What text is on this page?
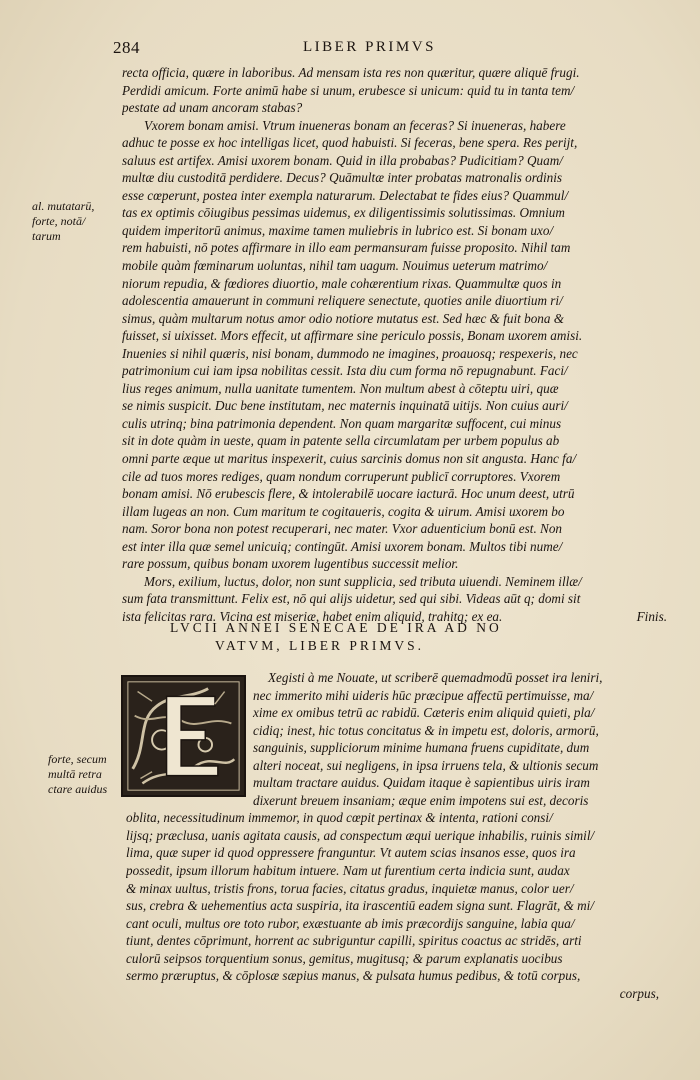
284	LIBER PRIMVS
al. mutatarū,
forte, notā/
tarum
recta officia, quære in laboribus. Ad mensam ista res non quæritur, quære aliquē frugi.
Perdidi amicum. Forte animū habe si unum, erubesce si unicum: quid tu in tanta tem/
pestate ad unam ancoram stabas?
Vxorem bonam amisi. Vtrum inueneras bonam an feceras? Si inueneras, habere
adhuc te posse ex hoc intelligas licet, quod habuisti. Si feceras, bene spera. Res perijt,
saluus est artifex. Amisi uxorem bonam. Quid in illa probabas? Pudicitiam? Quam/
multæ diu custoditā perdidere. Decus? Quāmultæ inter probatas matronalis ordinis
esse cœperunt, postea inter exempla naturarum. Delectabat te fides eius? Quammul/
tas ex optimis cōiugibus pessimas uidemus, ex diligentissimis solutissimas. Omnium
quidem imperitorū animus, maxime tamen muliebris in lubrico est. Si bonam uxo/
rem habuisti, nō potes affirmare in illo eam permansuram fuisse proposito. Nihil tam
mobile quàm fœminarum uoluntas, nihil tam uagum. Nouimus ueterum matrimo/
niorum repudia, & fœdiores diuortio, male cohærentium rixas. Quammultæ quos in
adolescentia amauerunt in communi reliquere senectute, quoties anile diuortium ri/
simus, quàm multarum notus amor odio notiore mutatus est. Sed hæc & fuit bona &
fuisset, si uixisset. Mors effecit, ut affirmare sine periculo possis, Bonam uxorem amisi.
Inuenies si nihil quæris, nisi bonam, dummodo ne imagines, proauosq; respexeris, nec
patrimonium cui iam ipsa nobilitas cessit. Ista diu cum forma nō repugnabunt. Faci/
lius reges animum, nulla uanitate tumentem. Non multum abest à cōteptu uiri, quæ
se nimis suspicit. Duc bene institutam, nec maternis inquinatā uitijs. Non cuius auri/
culis utrinq; bina patrimonia dependent. Non quam margaritæ suffocent, cui minus
sit in dote quàm in ueste, quam in patente sella circumlatam per urbem populus ab
omni parte æque ut maritus inspexerit, cuius sarcinis domus non sit angusta. Hanc fa/
cile ad tuos mores rediges, quam nondum corruperunt publicī corruptores. Vxorem
bonam amisi. Nō erubescis flere, & intolerabilē uocare iacturā. Hoc unum deest, utrū
illam lugeas an non. Cum maritum te cogitaueris, cogita & uirum. Amisi uxorem bo
nam. Soror bona non potest recuperari, nec mater. Vxor aduenticium bonū est. Non
est inter illa quæ semel unicuiq; contingūt. Amisi uxorem bonam. Multos tibi nume/
rare possum, quibus bonam uxorem lugentibus successit melior.
Mors, exilium, luctus, dolor, non sunt supplicia, sed tributa uiuendi. Neminem illæ/
sum fata transmittunt. Felix est, nō qui alijs uidetur, sed qui sibi. Videas aūt q; domi sit
ista felicitas rara. Vicina est miseriæ, habet enim aliquid, trahitq; ex ea.	Finis.
LVCII ANNEI SENECAE DE IRA AD NO
VATVM, LIBER PRIMVS.
forte, secum
multā retra
ctare auidus
Xegisti à me Nouate, ut scriberē quemadmodū posset ira leniri,
nec immerito mihi uideris hūc præcipue affectū pertimuisse, ma/
xime ex omibus tetrū ac rabidū. Cæteris enim aliquid quieti, pla/
cidiq; inest, hic totus concitatus & in impetu est, doloris, armorū,
sanguinis, suppliciorum minime humana fruens cupiditate, dum
alteri noceat, sui negligens, in ipsa irruens tela, & ultionis secum
multam tractare auidus. Quidam itaque è sapientibus uiris iram
dixerunt breuem insaniam; æque enim impotens sui est, decoris
oblita, necessitudinum immemor, in quod cœpit pertinax & intenta, rationi consi/
lijsq; præclusa, uanis agitata causis, ad conspectum æqui uerique inhabilis, ruinis simil/
lima, quæ super id quod oppressere franguntur. Vt autem scias insanos esse, quos ira
possedit, ipsum illorum habitum intuere. Nam ut furentium certa indicia sunt, audax
& minax uultus, tristis frons, torua facies, citatus gradus, inquietæ manus, color uer/
sus, crebra & uehementius acta suspiria, ita irascentiū eadem signa sunt. Flagrāt, & mi/
cant oculi, multus ore toto rubor, exæstuante ab imis præcordijs sanguine, labia qua/
tiunt, dentes cōprimunt, horrent ac subriguntur capilli, spiritus coactus ac stridēs, arti
culorū seipsos torquentium sonus, gemitus, mugitusq; & parum explanatis uocibus
sermo præruptus, & cōplosæ sæpius manus, & pulsata humus pedibus, & totū corpus,
corpus,
